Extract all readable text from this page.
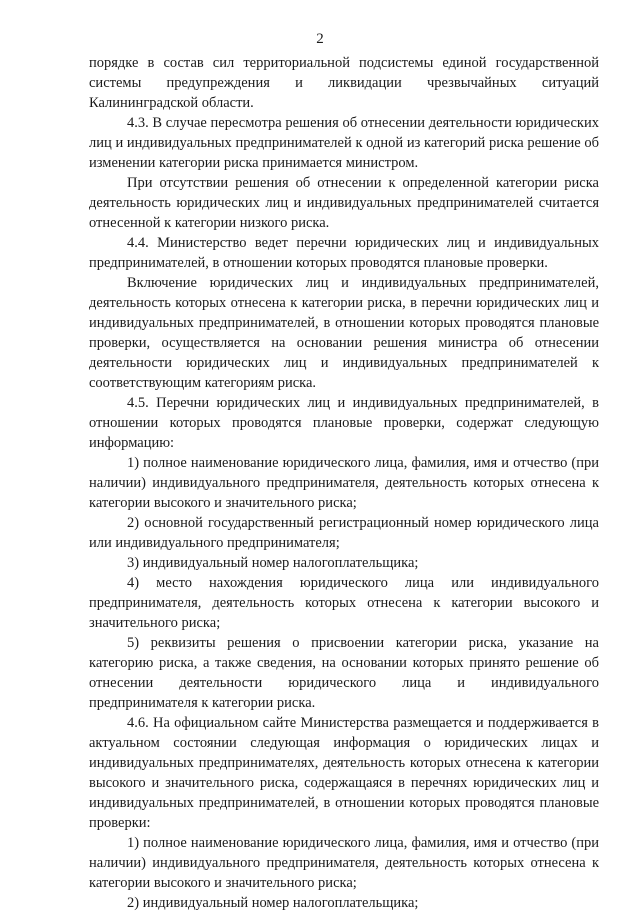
2

порядке в состав сил территориальной подсистемы единой государственной системы предупреждения и ликвидации чрезвычайных ситуаций Калининградской области.

4.3. В случае пересмотра решения об отнесении деятельности юридических лиц и индивидуальных предпринимателей к одной из категорий риска решение об изменении категории риска принимается министром.

При отсутствии решения об отнесении к определенной категории риска деятельность юридических лиц и индивидуальных предпринимателей считается отнесенной к категории низкого риска.

4.4. Министерство ведет перечни юридических лиц и индивидуальных предпринимателей, в отношении которых проводятся плановые проверки.

Включение юридических лиц и индивидуальных предпринимателей, деятельность которых отнесена к категории риска, в перечни юридических лиц и индивидуальных предпринимателей, в отношении которых проводятся плановые проверки, осуществляется на основании решения министра об отнесении деятельности юридических лиц и индивидуальных предпринимателей к соответствующим категориям риска.

4.5. Перечни юридических лиц и индивидуальных предпринимателей, в отношении которых проводятся плановые проверки, содержат следующую информацию:

1) полное наименование юридического лица, фамилия, имя и отчество (при наличии) индивидуального предпринимателя, деятельность которых отнесена к категории высокого и значительного риска;

2) основной государственный регистрационный номер юридического лица или индивидуального предпринимателя;

3) индивидуальный номер налогоплательщика;

4) место нахождения юридического лица или индивидуального предпринимателя, деятельность которых отнесена к категории высокого и значительного риска;

5) реквизиты решения о присвоении категории риска, указание на категорию риска, а также сведения, на основании которых принято решение об отнесении деятельности юридического лица и индивидуального предпринимателя к категории риска.

4.6. На официальном сайте Министерства размещается и поддерживается в актуальном состоянии следующая информация о юридических лицах и индивидуальных предпринимателях, деятельность которых отнесена к категории высокого и значительного риска, содержащаяся в перечнях юридических лиц и индивидуальных предпринимателей, в отношении которых проводятся плановые проверки:

1) полное наименование юридического лица, фамилия, имя и отчество (при наличии) индивидуального предпринимателя, деятельность которых отнесена к категории высокого и значительного риска;

2) индивидуальный номер налогоплательщика;
